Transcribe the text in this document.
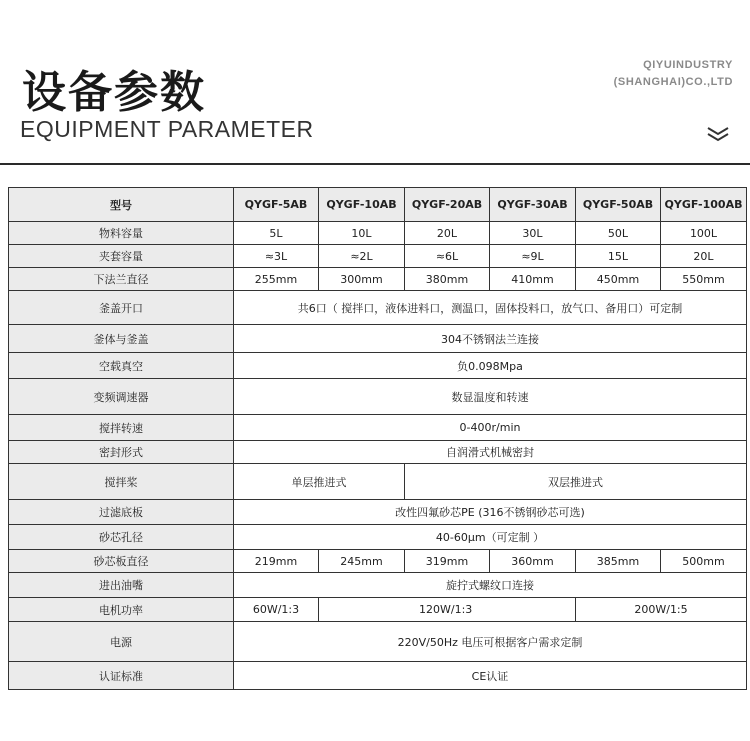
设备参数
EQUIPMENT PARAMETER
QIYUINDUSTRY
(SHANGHAI)CO.,LTD
型号	QYGF-5AB	QYGF-10AB	QYGF-20AB	QYGF-30AB	QYGF-50AB	QYGF-100AB
物料容量	5L	10L	20L	30L	50L	100L
夹套容量	≈3L	≈2L	≈6L	≈9L	15L	20L
下法兰直径	255mm	300mm	380mm	410mm	450mm	550mm
釜盖开口	共6口（ 搅拌口，液体进料口，测温口，固体投料口，放气口、备用口）可定制					
釜体与釜盖	304不锈钢法兰连接					
空载真空	负0.098Mpa					
变频调速器	数显温度和转速					
搅拌转速	0-400r/min					
密封形式	自润滑式机械密封					
搅拌桨	单层推进式		双层推进式			
过滤底板	改性四氟砂芯PE (316不锈钢砂芯可选)					
砂芯孔径	40-60μm（可定制 ）					
砂芯板直径	219mm	245mm	319mm	360mm	385mm	500mm
进出油嘴	旋拧式螺纹口连接					
电机功率	60W/1:3	120W/1:3			200W/1:5	
电源	220V/50Hz 电压可根据客户需求定制					
认证标准	CE认证					
